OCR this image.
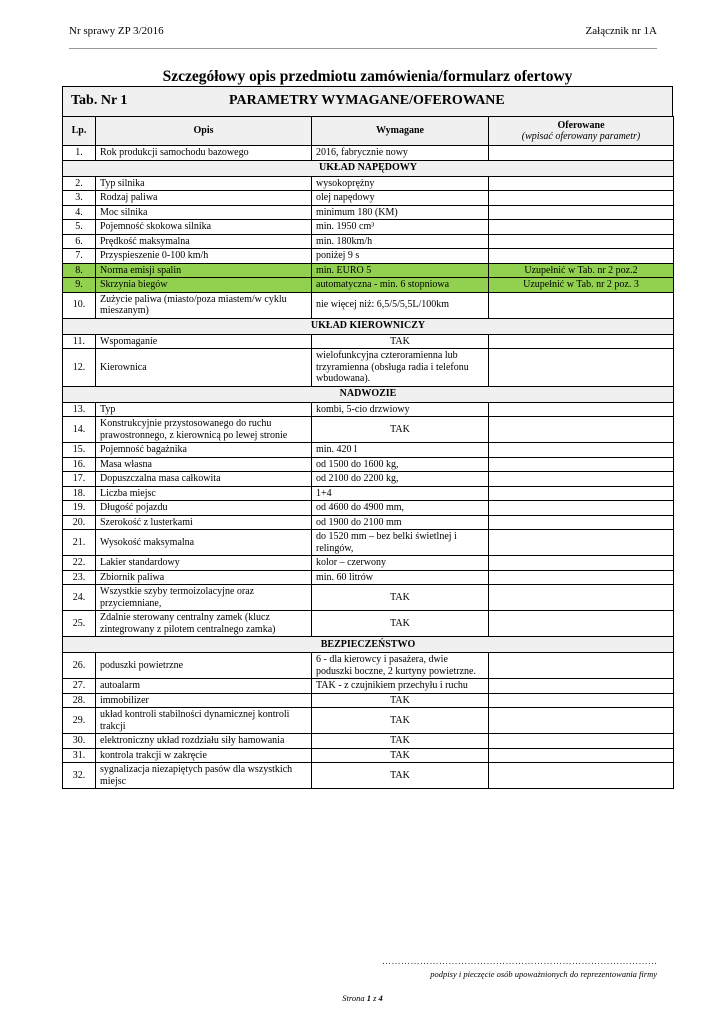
Nr sprawy ZP 3/2016	Załącznik nr 1A
Szczegółowy opis przedmiotu zamówienia/formularz ofertowy
Tab. Nr 1	PARAMETRY WYMAGANE/OFEROWANE
Lp.	Opis	Wymagane	Oferowane
(wpisać oferowany parametr)

1.	Rok produkcji samochodu bazowego	2016, fabrycznie nowy	
UKŁAD NAPĘDOWY			
2.	Typ silnika	wysokoprężny	
3.	Rodzaj paliwa	olej napędowy	
4.	Moc silnika	minimum 180 (KM)	
5.	Pojemność skokowa silnika	min. 1950 cm³	
6.	Prędkość maksymalna	min. 180km/h	
7.	Przyspieszenie 0-100 km/h	poniżej 9 s	
8.	Norma emisji spalin	min. EURO 5	Uzupełnić w Tab. nr 2 poz.2
9.	Skrzynia biegów	automatyczna - min. 6 stopniowa	Uzupełnić w Tab. nr 2 poz. 3
10.	Zużycie paliwa (miasto/poza miastem/w cyklu mieszanym)	nie więcej niż: 6,5/5/5,5L/100km	
UKŁAD KIEROWNICZY			
11.	Wspomaganie	TAK	
12.	Kierownica	wielofunkcyjna czteroramienna lub trzyramienna (obsługa radia i telefonu wbudowana).	
NADWOZIE			
13.	Typ	kombi, 5-cio drzwiowy	
14.	Konstrukcyjnie przystosowanego do ruchu prawostronnego, z kierownicą po lewej stronie	TAK	
15.	Pojemność bagażnika	min. 420 l	
16.	Masa własna	od 1500 do 1600 kg,	
17.	Dopuszczalna masa całkowita	od 2100 do 2200 kg,	
18.	Liczba miejsc	1+4	
19.	Długość pojazdu	od 4600 do 4900 mm,	
20.	Szerokość z lusterkami	od 1900 do 2100 mm	
21.	Wysokość maksymalna	do 1520 mm – bez belki świetlnej i relingów,	
22.	Lakier standardowy	kolor – czerwony	
23.	Zbiornik paliwa	min. 60 litrów	
24.	Wszystkie szyby termoizolacyjne oraz przyciemniane,	TAK	
25.	Zdalnie sterowany centralny zamek (klucz zintegrowany z pilotem centralnego zamka)	TAK	
BEZPIECZEŃSTWO			
26.	poduszki powietrzne	6 - dla kierowcy i pasażera, dwie poduszki boczne, 2 kurtyny powietrzne.	
27.	autoalarm	TAK - z czujnikiem przechyłu i ruchu	
28.	immobilizer	TAK	
29.	układ kontroli stabilności dynamicznej kontroli trakcji	TAK	
30.	elektroniczny układ rozdziału siły hamowania	TAK	
31.	kontrola trakcji w zakręcie	TAK	
32.	sygnalizacja niezapiętych pasów dla wszystkich miejsc	TAK	
……………………………………………………………………………
podpisy i pieczęcie osób upoważnionych do reprezentowania firmy
Strona 1 z 4
